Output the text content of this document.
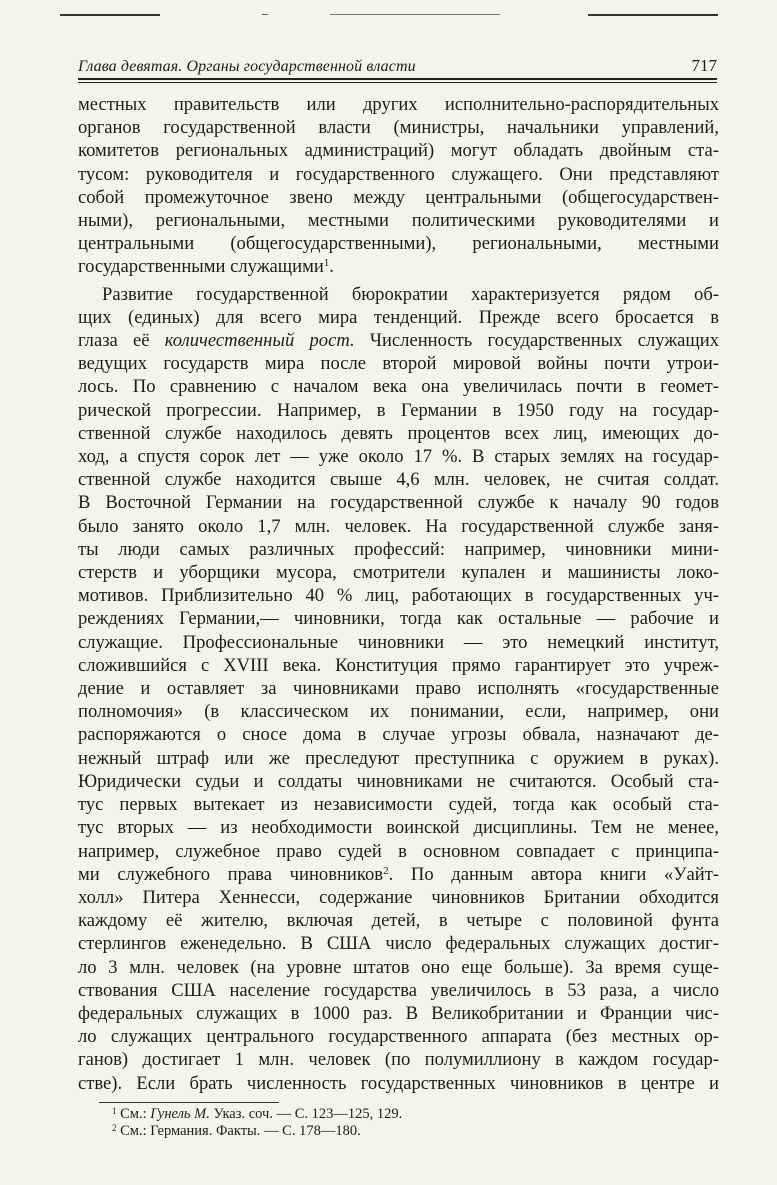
Глава девятая. Органы государственной власти	717
местных правительств или других исполнительно-распорядительных
органов государственной власти (министры, начальники управлений,
комитетов региональных администраций) могут обладать двойным ста-
тусом: руководителя и государственного служащего. Они представляют
собой промежуточное звено между центральными (общегосударствен-
ными), региональными, местными политическими руководителями и
центральными (общегосударственными), региональными, местными
государственными служащими$^1$.
Развитие государственной бюрократии характеризуется рядом об-
щих (единых) для всего мира тенденций. Прежде всего бросается в
глаза её количественный рост. Численность государственных служащих
ведущих государств мира после второй мировой войны почти утрои-
лось. По сравнению с началом века она увеличилась почти в геомет-
рической прогрессии. Например, в Германии в 1950 году на государ-
ственной службе находилось девять процентов всех лиц, имеющих до-
ход, а спустя сорок лет — уже около 17 %. В старых землях на государ-
ственной службе находится свыше 4,6 млн. человек, не считая солдат.
В Восточной Германии на государственной службе к началу 90 годов
было занято около 1,7 млн. человек. На государственной службе заня-
ты люди самых различных профессий: например, чиновники мини-
стерств и уборщики мусора, смотрители купален и машинисты локо-
мотивов. Приблизительно 40 % лиц, работающих в государственных уч-
реждениях Германии,— чиновники, тогда как остальные — рабочие и
служащие. Профессиональные чиновники — это немецкий институт,
сложившийся с XVIII века. Конституция прямо гарантирует это учреж-
дение и оставляет за чиновниками право исполнять «государственные
полномочия» (в классическом их понимании, если, например, они
распоряжаются о сносе дома в случае угрозы обвала, назначают де-
нежный штраф или же преследуют преступника с оружием в руках).
Юридически судьи и солдаты чиновниками не считаются. Особый ста-
тус первых вытекает из независимости судей, тогда как особый ста-
тус вторых — из необходимости воинской дисциплины. Тем не менее,
например, служебное право судей в основном совпадает с принципа-
ми служебного права чиновников$^2$. По данным автора книги «Уайт-
холл» Питера Хеннесси, содержание чиновников Британии обходится
каждому её жителю, включая детей, в четыре с половиной фунта
стерлингов еженедельно. В США число федеральных служащих достиг-
ло 3 млн. человек (на уровне штатов оно еще больше). За время суще-
ствования США население государства увеличилось в 53 раза, а число
федеральных служащих в 1000 раз. В Великобритании и Франции чис-
ло служащих центрального государственного аппарата (без местных ор-
ганов) достигает 1 млн. человек (по полумиллиону в каждом государ-
стве). Если брать численность государственных чиновников в центре и
$^1$ См.: Гунель М. Указ. соч. — С. 123—125, 129.
$^2$ См.: Германия. Факты. — С. 178—180.
